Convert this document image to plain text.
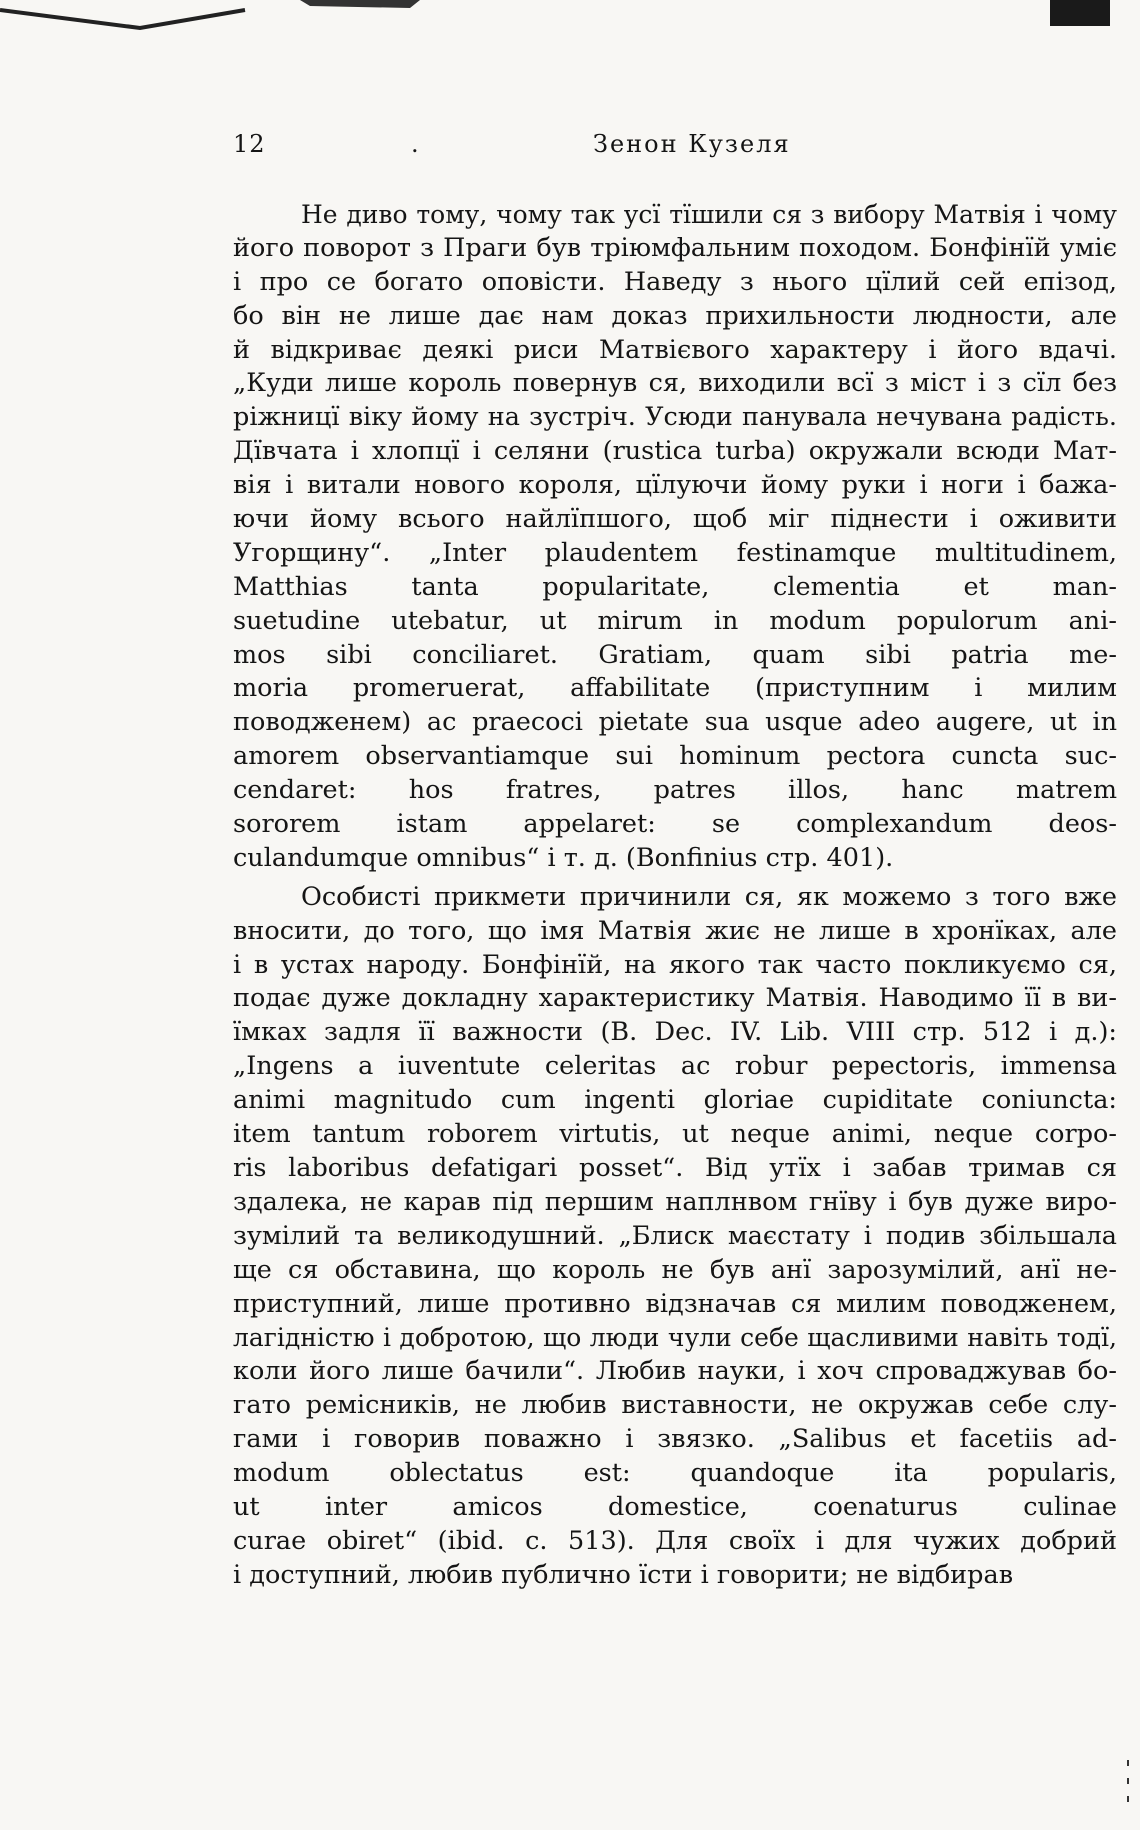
12	.	Зенон Кузеля
Не диво тому, чому так усї тїшили ся з вибору Матвія і чому
його поворот з Праги був тріюмфальним походом. Бонфінїй уміє
і про се богато оповісти. Наведу з нього цїлий сей епізод,
бо він не лише дає нам доказ прихильности людности, але
й відкриває деякі риси Матвієвого характеру і його вдачі.
„Куди лише король повернув ся, виходили всї з міст і з сїл без
ріжницї віку йому на зустріч. Усюди панувала нечувана радість.
Дївчата і хлопцї і селяни (rustica turba) окружали всюди Мат-
вія і витали нового короля, цїлуючи йому руки і ноги і бажа-
ючи йому всього найлїпшого, щоб міг піднести і оживити
Угорщину“. „Inter plaudentem festinamque multitudinem,
Matthias tanta popularitate, clementia et man-
suetudine utebatur, ut mirum in modum populorum ani-
mos sibi conciliaret. Gratiam, quam sibi patria me-
moria promeruerat, affabilitate (приступним і милим
поводженем) ac praecoci pietate sua usque adeo augere, ut in
amorem observantiamque sui hominum pectora cuncta suc-
cendaret: hos fratres, patres illos, hanc matrem
sororem istam appelaret: se complexandum deos-
culandumque omnibus“ і т. д. (Bonfinius стр. 401).
Особисті прикмети причинили ся, як можемо з того вже
вносити, до того, що імя Матвія жиє не лише в хронїках, але
і в устах народу. Бонфінїй, на якого так часто покликуємо ся,
подає дуже докладну характеристику Матвія. Наводимо її в ви-
їмках задля її важности (B. Dec. IV. Lib. VIII стр. 512 і д.):
„Ingens a iuventute celeritas ac robur pepectoris, immensa
animi magnitudo cum ingenti gloriae cupiditate coniuncta:
item tantum roborem virtutis, ut neque animi, neque corpo-
ris laboribus defatigari posset“. Від утїх і забав тримав ся
здалека, не карав під першим наплнвом гнїву і був дуже виро-
зумілий та великодушний. „Блиск маєстату і подив збільшала
ще ся обставина, що король не був анї зарозумілий, анї не-
приступний, лише противно відзначав ся милим поводженем,
лагідністю і добротою, що люди чули себе щасливими навіть тодї,
коли його лише бачили“. Любив науки, і хоч спроваджував бо-
гато ремісників, не любив виставности, не окружав себе слу-
гами і говорив поважно і звязко. „Salibus et facetiis ad-
modum oblectatus est: quandoque ita popularis,
ut inter amicos domestice, coenaturus culinae
curae obiret“ (ibid. c. 513). Для своїх і для чужих добрий
і доступний, любив публично їсти і говорити; не відбирав
